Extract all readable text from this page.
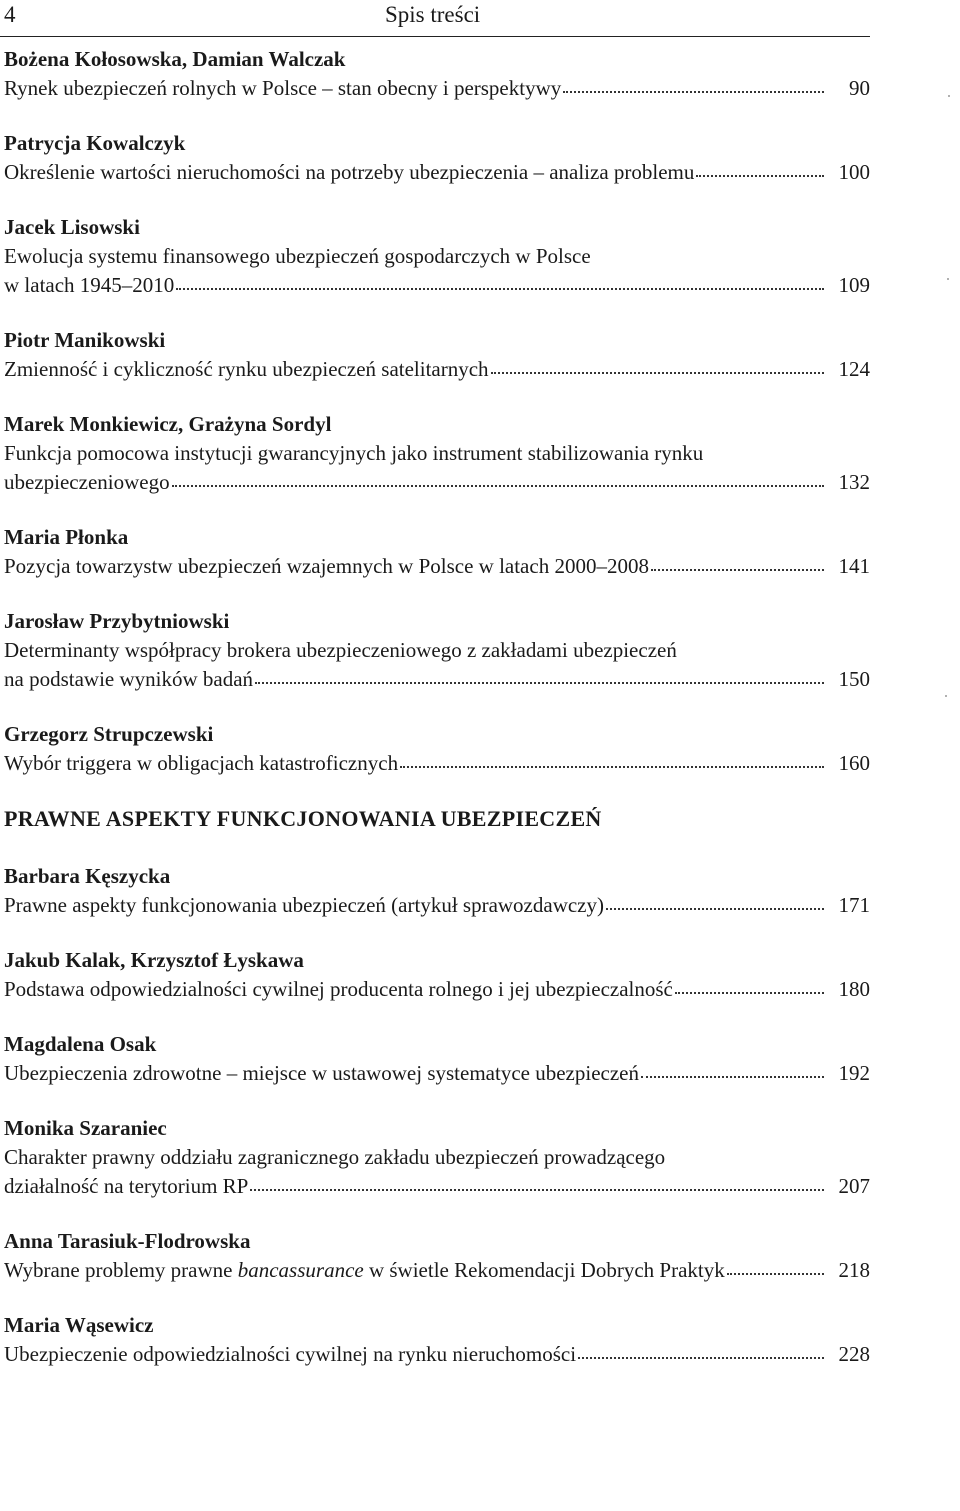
4	Spis treści
Bożena Kołosowska, Damian Walczak
Rynek ubezpieczeń rolnych w Polsce – stan obecny i perspektywy	90
Patrycja Kowalczyk
Określenie wartości nieruchomości na potrzeby ubezpieczenia – analiza problemu	100
Jacek Lisowski
Ewolucja systemu finansowego ubezpieczeń gospodarczych w Polsce
w latach 1945–2010	109
Piotr Manikowski
Zmienność i cykliczność rynku ubezpieczeń satelitarnych	124
Marek Monkiewicz, Grażyna Sordyl
Funkcja pomocowa instytucji gwarancyjnych jako instrument stabilizowania rynku
ubezpieczeniowego	132
Maria Płonka
Pozycja towarzystw ubezpieczeń wzajemnych w Polsce w latach 2000–2008	141
Jarosław Przybytniowski
Determinanty współpracy brokera ubezpieczeniowego z zakładami ubezpieczeń
na podstawie wyników badań	150
Grzegorz Strupczewski
Wybór triggera w obligacjach katastroficznych	160
PRAWNE ASPEKTY FUNKCJONOWANIA UBEZPIECZEŃ
Barbara Kęszycka
Prawne aspekty funkcjonowania ubezpieczeń (artykuł sprawozdawczy)	171
Jakub Kalak, Krzysztof Łyskawa
Podstawa odpowiedzialności cywilnej producenta rolnego i jej ubezpieczalność	180
Magdalena Osak
Ubezpieczenia zdrowotne – miejsce w ustawowej systematyce ubezpieczeń	192
Monika Szaraniec
Charakter prawny oddziału zagranicznego zakładu ubezpieczeń prowadzącego
działalność na terytorium RP	207
Anna Tarasiuk-Flodrowska
Wybrane problemy prawne bancassurance w świetle Rekomendacji Dobrych Praktyk	218
Maria Wąsewicz
Ubezpieczenie odpowiedzialności cywilnej na rynku nieruchomości	228
